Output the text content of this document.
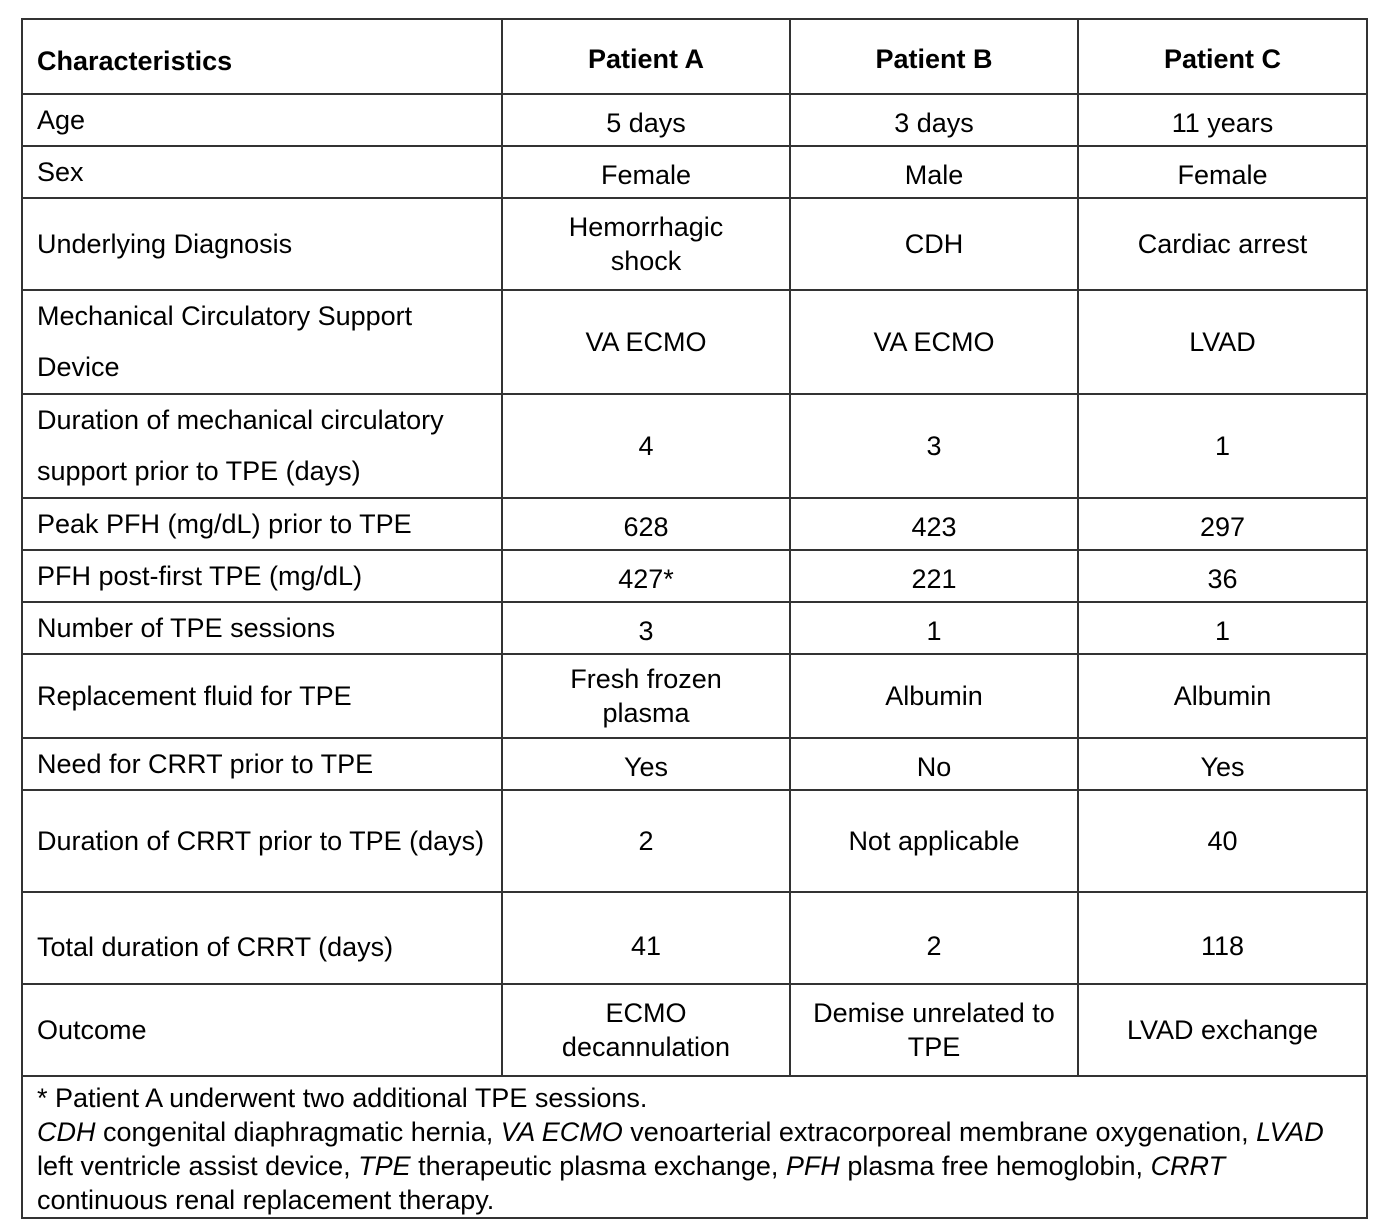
Characteristics	Patient A	Patient B	Patient C
Age	5 days	3 days	11 years
Sex	Female	Male	Female
Underlying Diagnosis	Hemorrhagic shock	CDH	Cardiac arrest
Mechanical Circulatory Support Device	VA ECMO	VA ECMO	LVAD
Duration of mechanical circulatory support prior to TPE (days)	4	3	1
Peak PFH (mg/dL) prior to TPE	628	423	297
PFH post-first TPE (mg/dL)	427*	221	36
Number of TPE sessions	3	1	1
Replacement fluid for TPE	Fresh frozen plasma	Albumin	Albumin
Need for CRRT prior to TPE	Yes	No	Yes
Duration of CRRT prior to TPE (days)	2	Not applicable	40
Total duration of CRRT (days)	41	2	118
Outcome	ECMO decannulation	Demise unrelated to TPE	LVAD exchange

* Patient A underwent two additional TPE sessions.
CDH congenital diaphragmatic hernia, VA ECMO venoarterial extracorporeal membrane oxygenation, LVAD left ventricle assist device, TPE therapeutic plasma exchange, PFH plasma free hemoglobin, CRRT continuous renal replacement therapy.			
